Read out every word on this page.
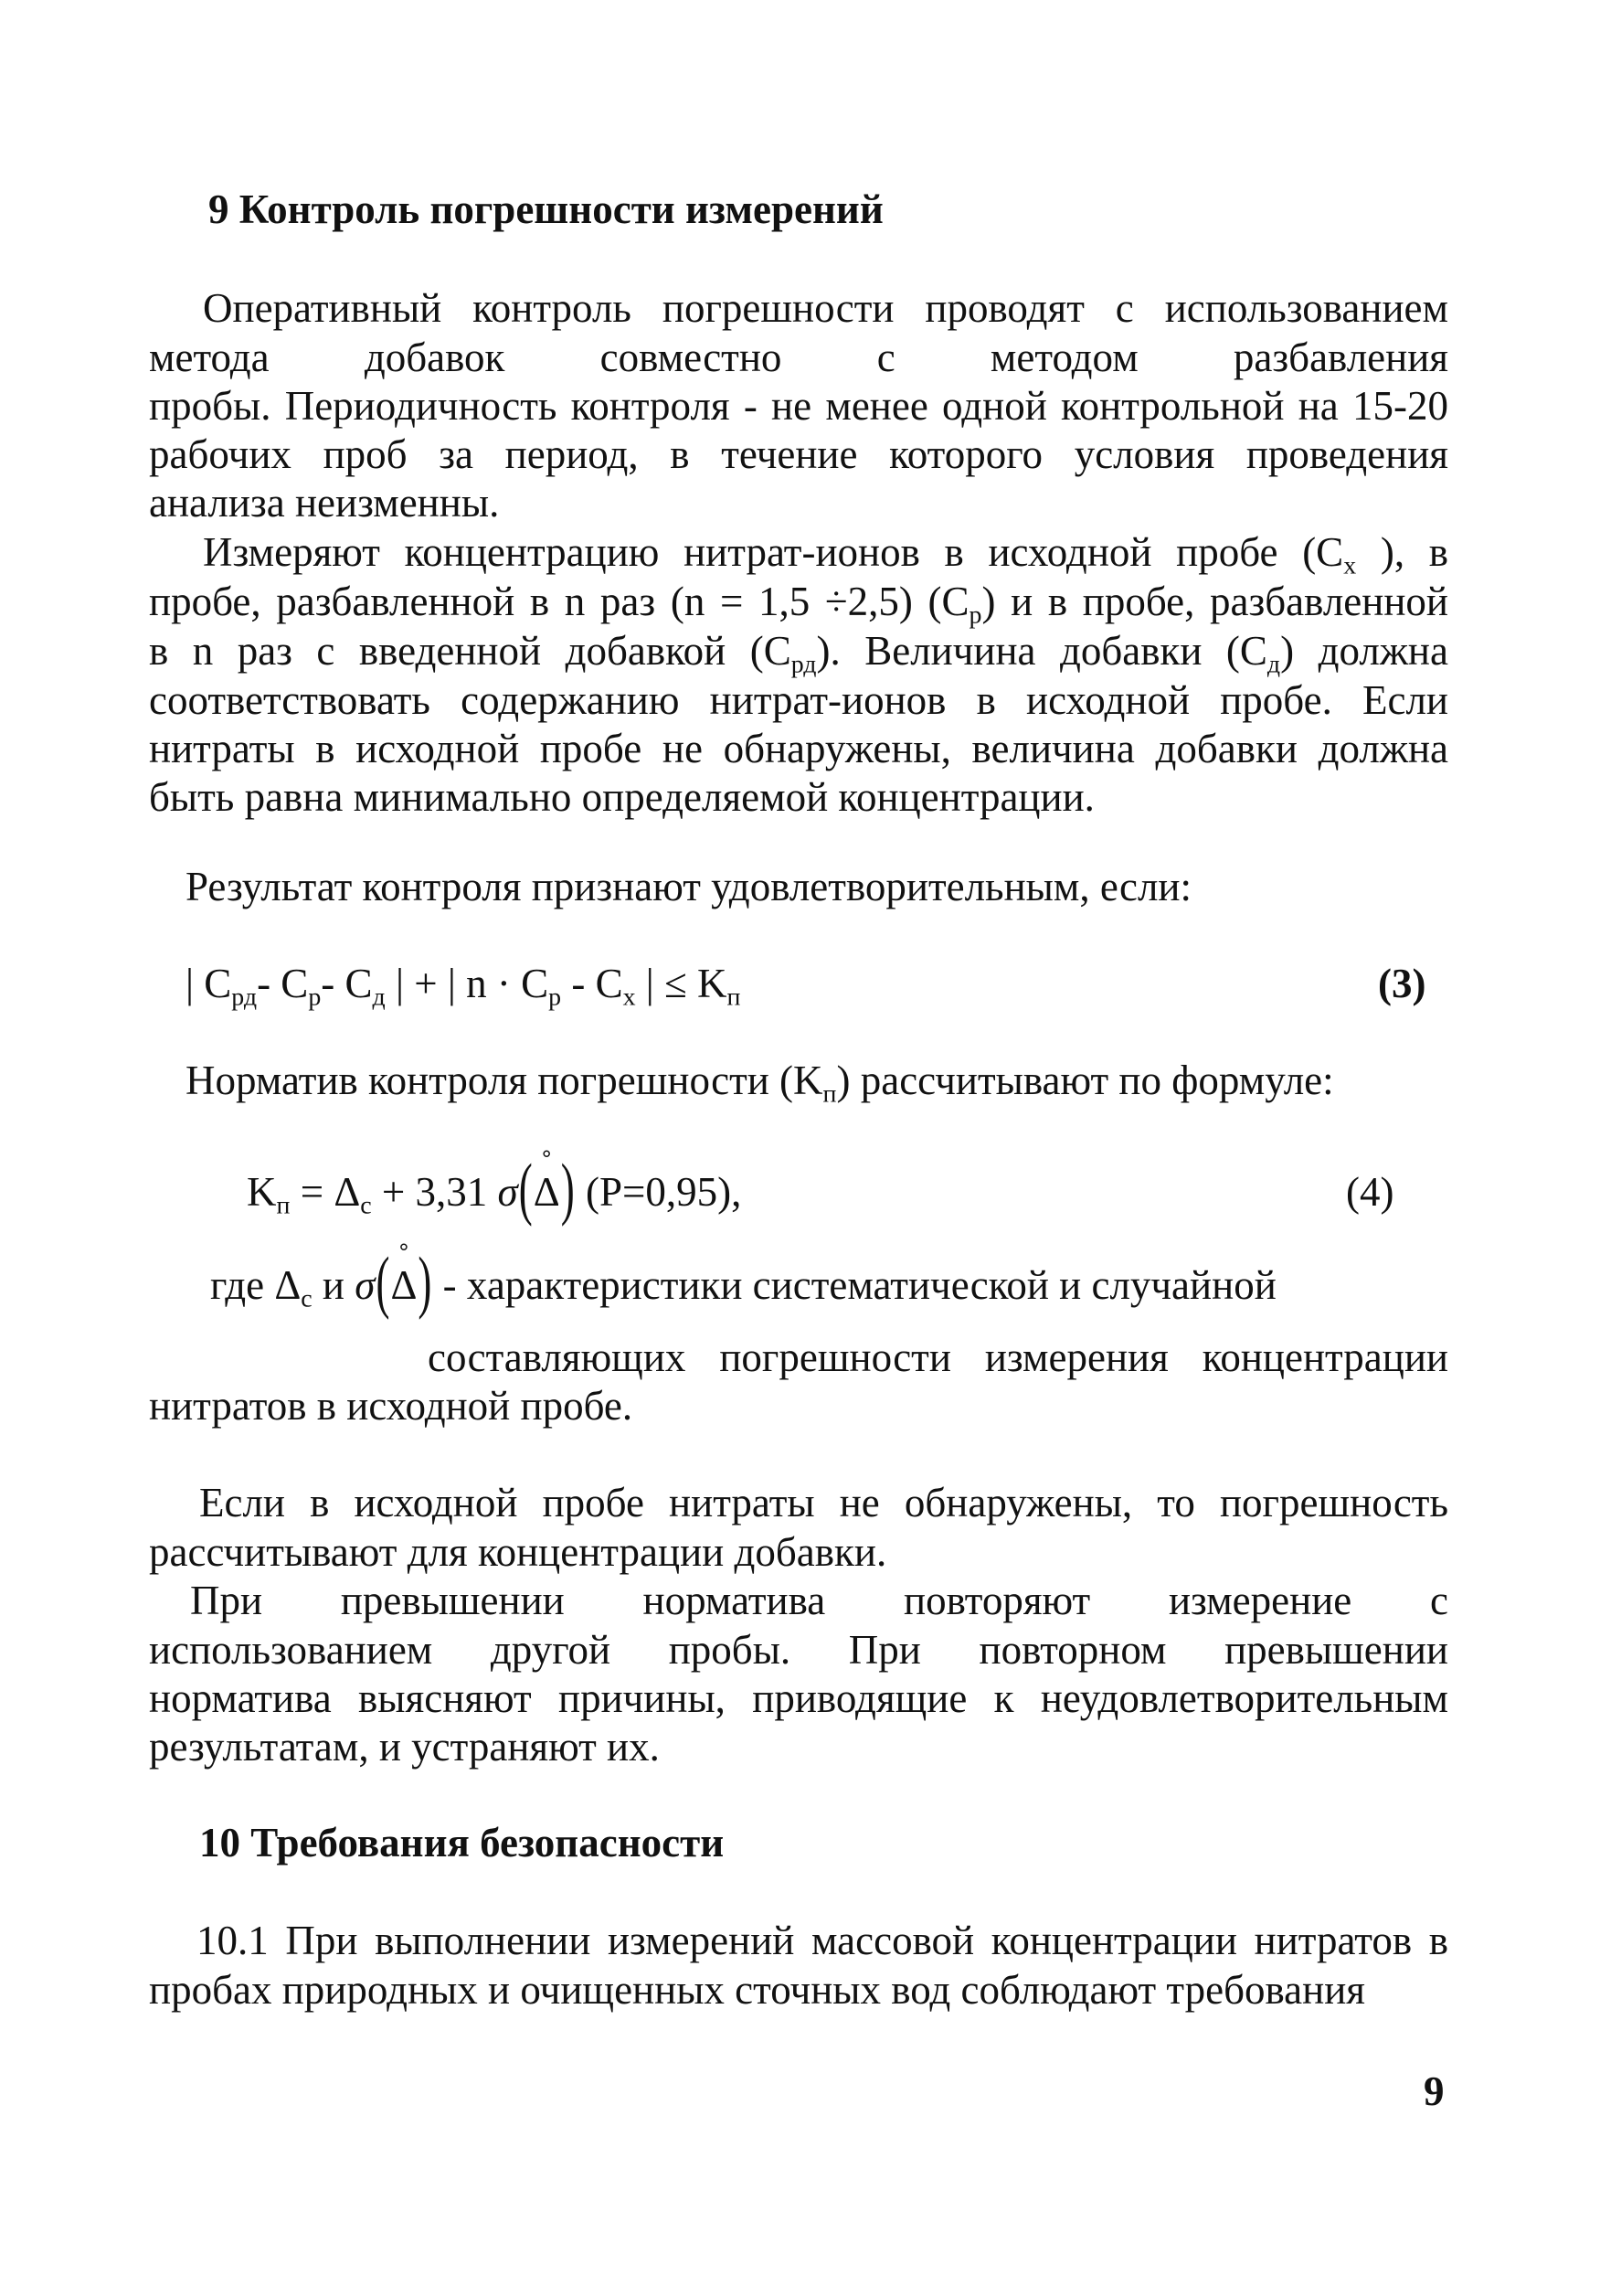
9 Контроль погрешности измерений
Оперативный контроль погрешности проводят с использованием
метода добавок совместно с методом разбавления
пробы. Периодичность контроля - не менее одной контрольной на 15-20
рабочих проб за период, в течение которого условия проведения
анализа неизменны.
Измеряют концентрацию нитрат-ионов в исходной пробе ($C_x$ ), в
пробе, разбавленной в n раз (n = 1,5 ÷2,5) $(C_р)$ и в пробе, разбавленной
в n раз с введенной добавкой $(C_{рд})$. Величина добавки $(C_д)$ должна
соответствовать содержанию нитрат-ионов в исходной пробе. Если
нитраты в исходной пробе не обнаружены, величина добавки должна
быть равна минимально определяемой концентрации.
Результат контроля признают удовлетворительным, если:
| $C_{рд}-$ $C_р-$ $C_д$ | + | $n \cdot C_р - C_x$ | ≤ $K_п$	(3)
Норматив контроля погрешности $(K_п)$ рассчитывают по формуле:
$K_п = \Delta_c + 3,31$ σ(˚ Δ) (P=0,95),	(4)
где $\Delta_c$ и σ(˚ Δ) - характеристики систематической и случайной
составляющих погрешности измерения концентрации
нитратов в исходной пробе.
Если в исходной пробе нитраты не обнаружены, то погрешность
рассчитывают для концентрации добавки.
При превышении норматива повторяют измерение с
использованием другой пробы. При повторном превышении
норматива выясняют причины, приводящие к неудовлетворительным
результатам, и устраняют их.
10 Требования безопасности
10.1 При выполнении измерений массовой концентрации нитратов в
пробах природных и очищенных сточных вод соблюдают требования
9
